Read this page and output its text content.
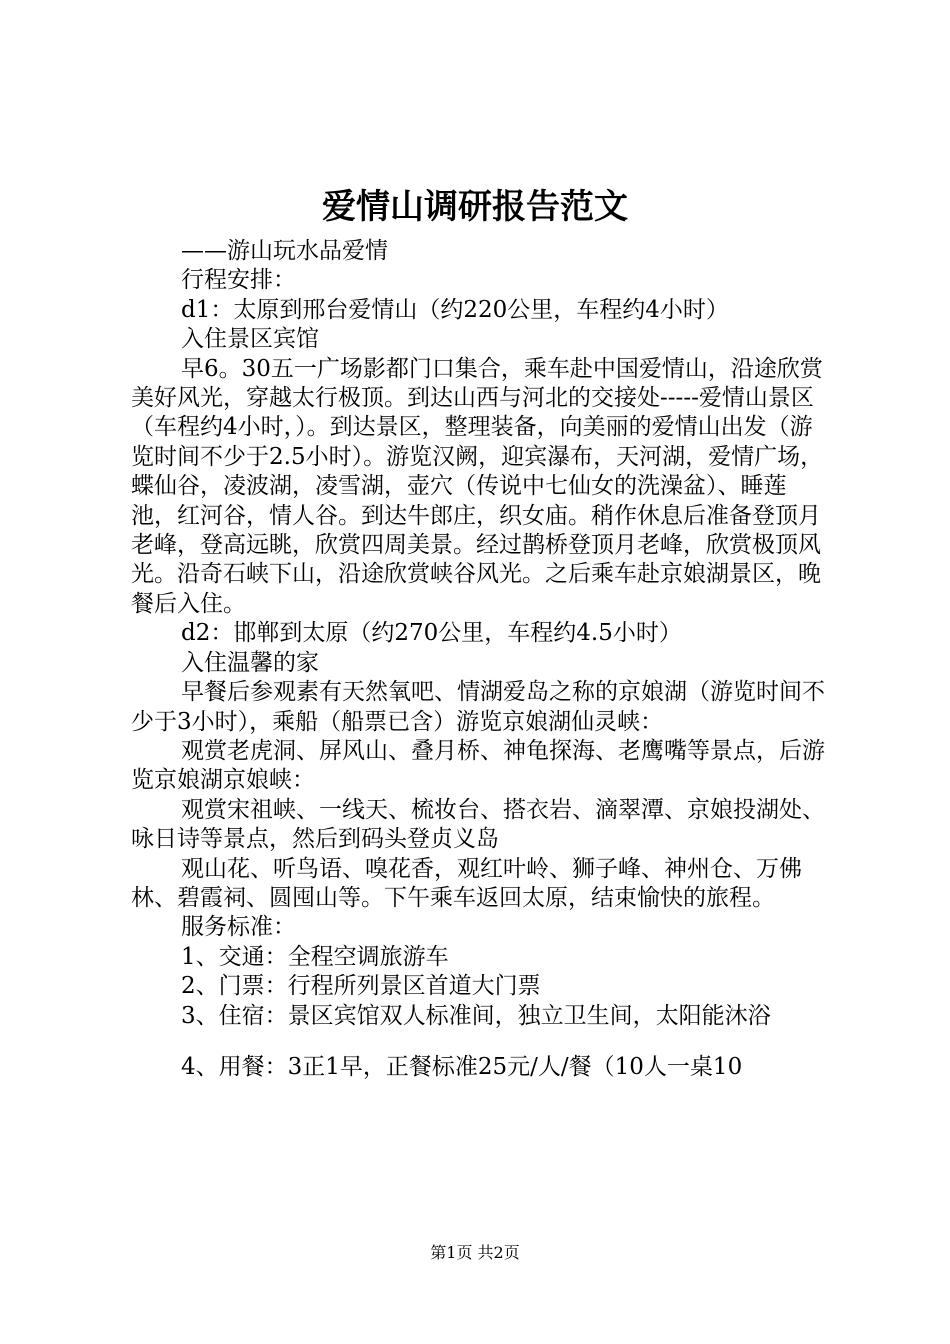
爱情山调研报告范文

——游山玩水品爱情

行程安排：

d1：太原到邢台爱情山（约220公里，车程约4小时）

入住景区宾馆

早6。30五一广场影都门口集合，乘车赴中国爱情山，沿途欣赏美好风光，穿越太行极顶。到达山西与河北的交接处-----爱情山景区（车程约4小时，）。到达景区，整理装备，向美丽的爱情山出发（游览时间不少于2.5小时）。游览汉阙，迎宾瀑布，天河湖，爱情广场，蝶仙谷，凌波湖，凌雪湖，壶穴（传说中七仙女的洗澡盆）、睡莲池，红河谷，情人谷。到达牛郎庄，织女庙。稍作休息后准备登顶月老峰，登高远眺，欣赏四周美景。经过鹊桥登顶月老峰，欣赏极顶风光。沿奇石峡下山，沿途欣赏峡谷风光。之后乘车赴京娘湖景区，晚餐后入住。

d2：邯郸到太原（约270公里，车程约4.5小时）

入住温馨的家

早餐后参观素有天然氧吧、情湖爱岛之称的京娘湖（游览时间不少于3小时），乘船（船票已含）游览京娘湖仙灵峡：

观赏老虎洞、屏风山、叠月桥、神龟探海、老鹰嘴等景点，后游览京娘湖京娘峡：

观赏宋祖峡、一线天、梳妆台、搭衣岩、滴翠潭、京娘投湖处、咏日诗等景点，然后到码头登贞义岛

观山花、听鸟语、嗅花香，观红叶岭、狮子峰、神州仓、万佛林、碧霞祠、圆囤山等。下午乘车返回太原，结束愉快的旅程。

服务标准：

1、交通：全程空调旅游车

2、门票：行程所列景区首道大门票

3、住宿：景区宾馆双人标准间，独立卫生间，太阳能沐浴

4、用餐：3正1早，正餐标准25元/人/餐（10人一桌10

第1页 共2页
